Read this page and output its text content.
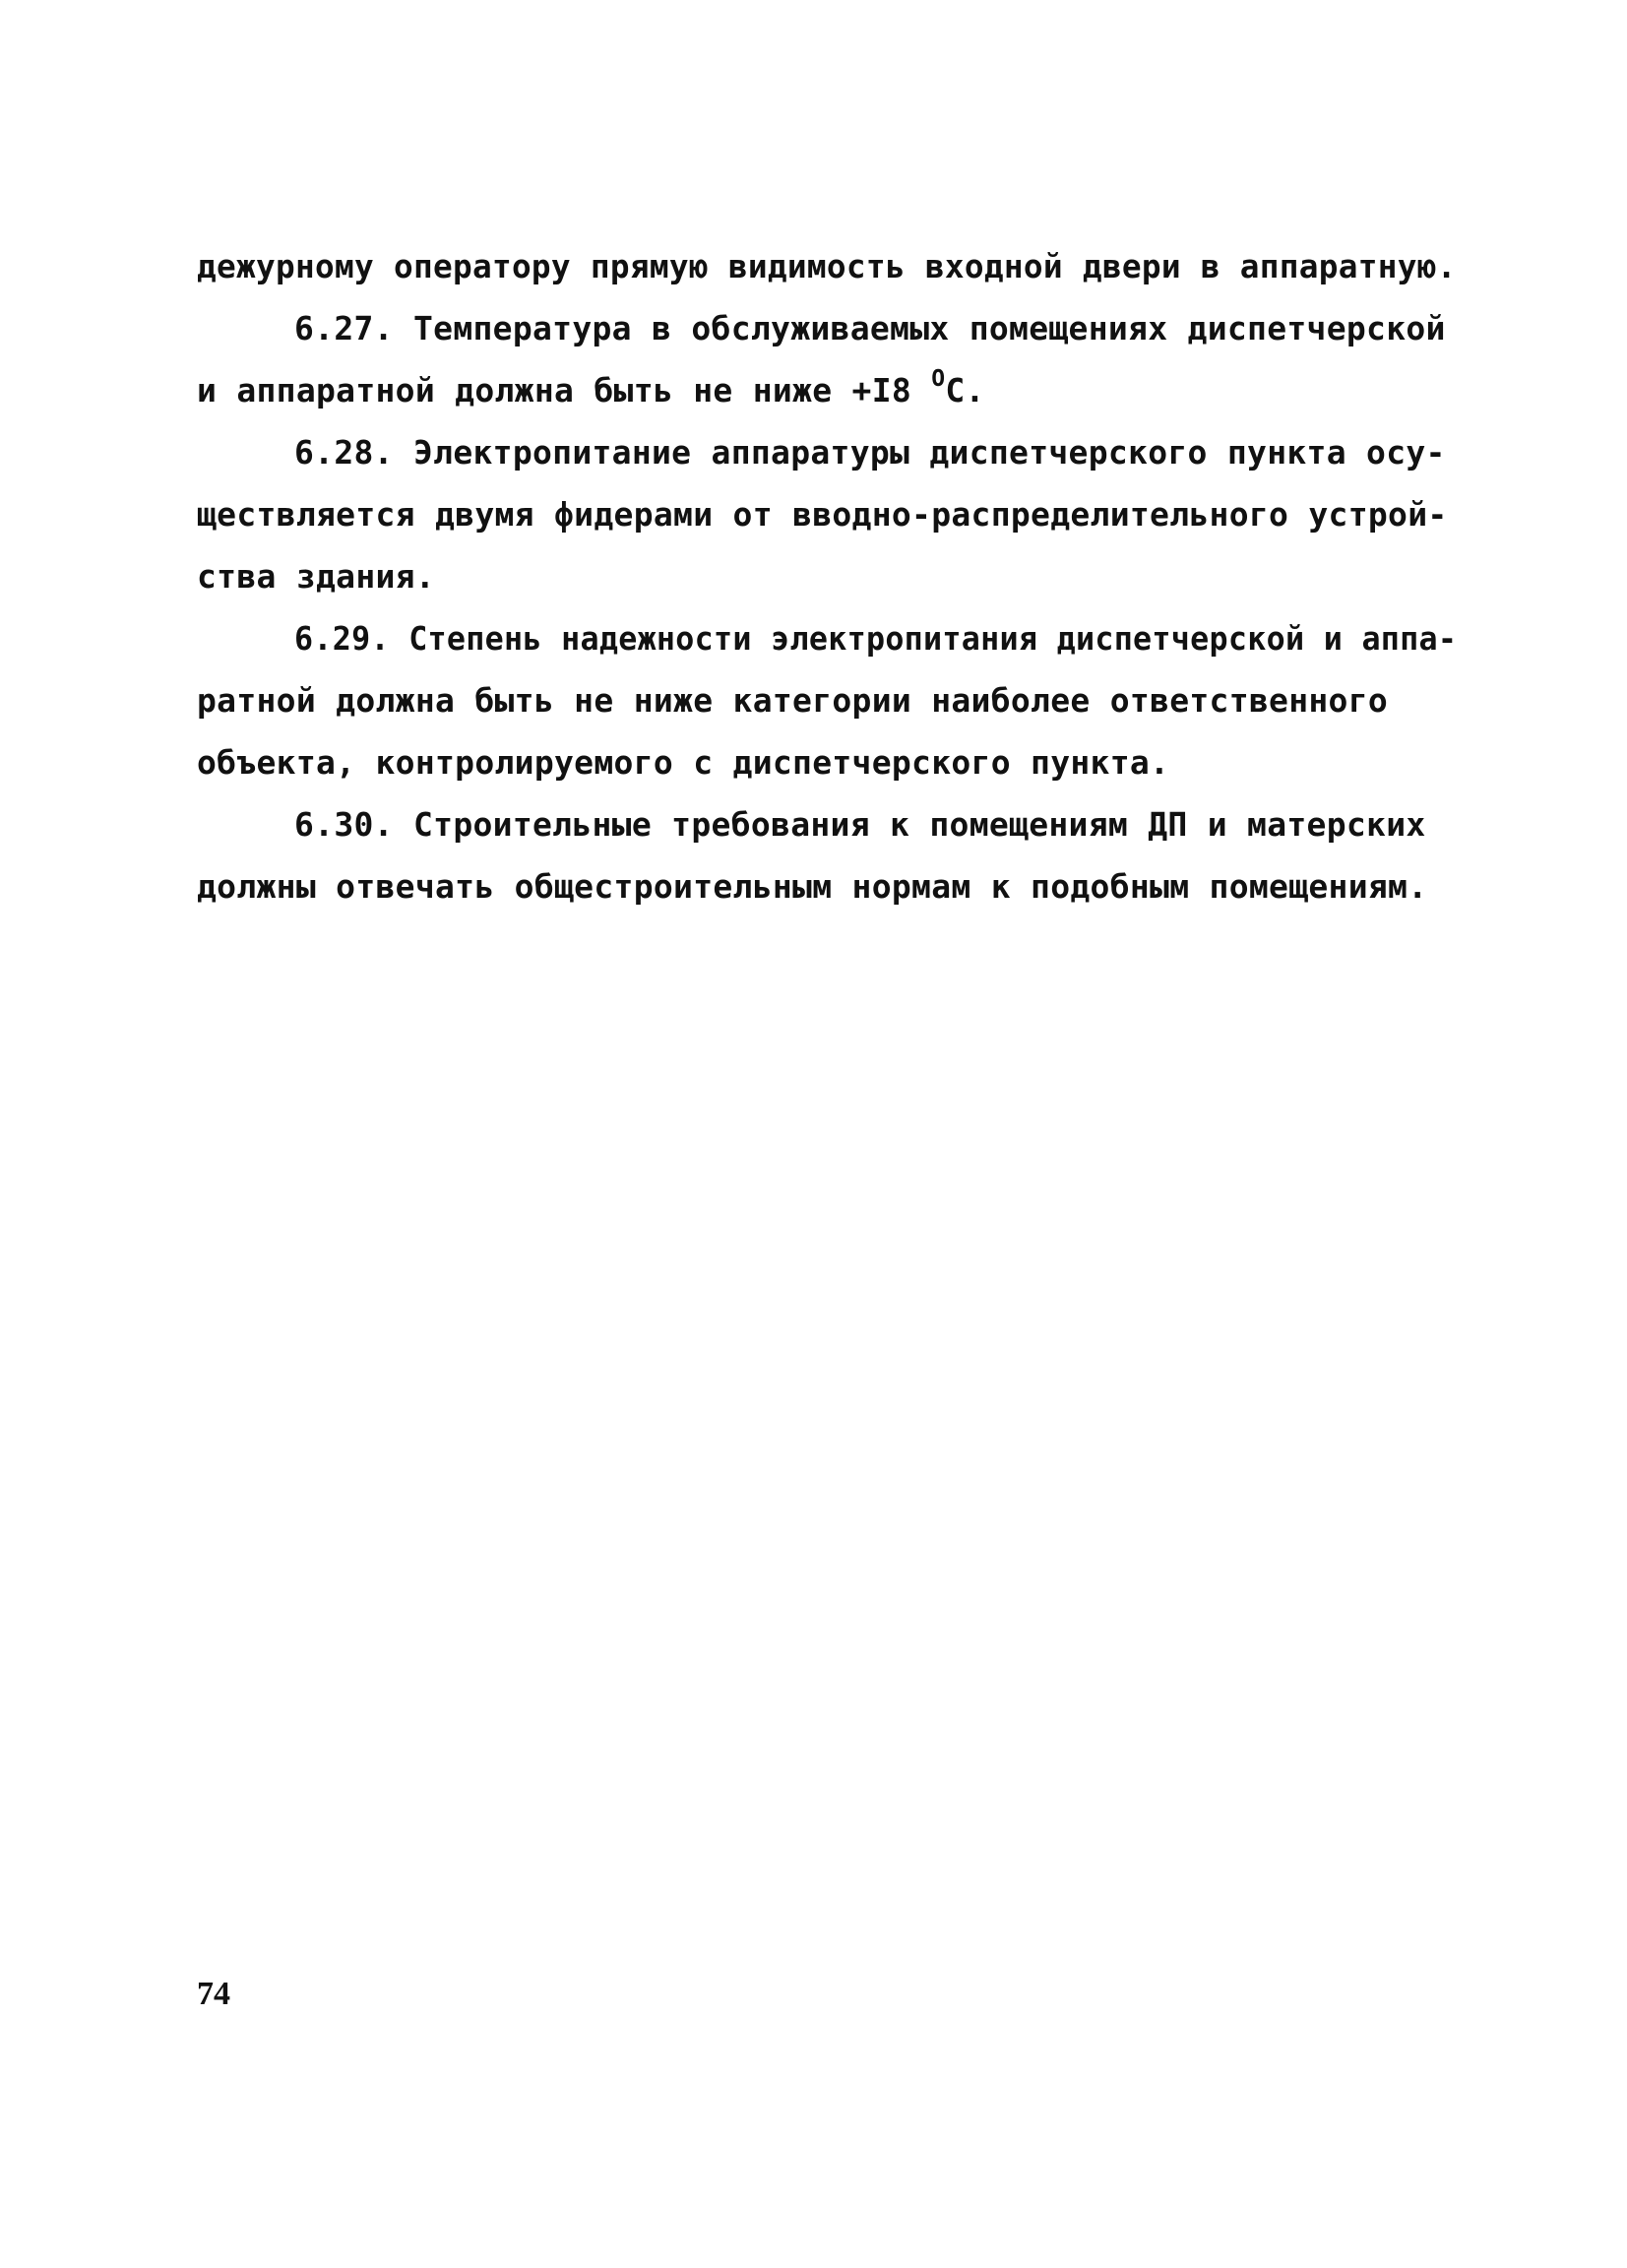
дежурному оператору прямую видимость входной двери в аппаратную.

6.27. Температура в обслуживаемых помещениях диспетчерской

и аппаратной должна быть не ниже +I8 $^O$C.

6.28. Электропитание аппаратуры диспетчерского пункта осу-

ществляется двумя фидерами от вводно-распределительного устрой-

ства здания.

6.29. Степень надежности электропитания диспетчерской и аппа-

ратной должна быть не ниже категории наиболее ответственного

объекта, контролируемого с диспетчерского пункта.

6.30. Строительные требования к помещениям ДП и матерских

должны отвечать общестроительным нормам к подобным помещениям.

74
